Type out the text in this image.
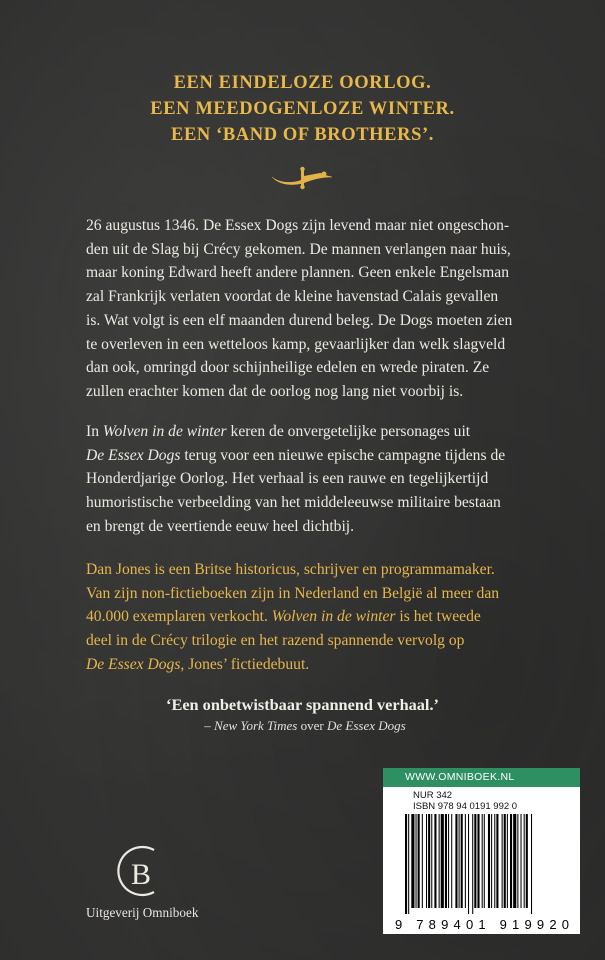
EEN EINDELOZE OORLOG.
EEN MEEDOGENLOZE WINTER.
EEN ‘BAND OF BROTHERS’.
26 augustus 1346. De Essex Dogs zijn levend maar niet ongeschon-
den uit de Slag bij Crécy gekomen. De mannen verlangen naar huis,
maar koning Edward heeft andere plannen. Geen enkele Engelsman
zal Frankrijk verlaten voordat de kleine havenstad Calais gevallen
is. Wat volgt is een elf maanden durend beleg. De Dogs moeten zien
te overleven in een wetteloos kamp, gevaarlijker dan welk slagveld
dan ook, omringd door schijnheilige edelen en wrede piraten. Ze
zullen erachter komen dat de oorlog nog lang niet voorbij is.
In Wolven in de winter keren de onvergetelijke personages uit
De Essex Dogs terug voor een nieuwe epische campagne tijdens de
Honderdjarige Oorlog. Het verhaal is een rauwe en tegelijkertijd
humoristische verbeelding van het middeleeuwse militaire bestaan
en brengt de veertiende eeuw heel dichtbij.
Dan Jones is een Britse historicus, schrijver en programmamaker.
Van zijn non-fictieboeken zijn in Nederland en België al meer dan
40.000 exemplaren verkocht. Wolven in de winter is het tweede
deel in de Crécy trilogie en het razend spannende vervolg op
De Essex Dogs, Jones’ fictiedebuut.
‘Een onbetwistbaar spannend verhaal.’
– New York Times over De Essex Dogs
B
Uitgeverij Omniboek
WWW.OMNIBOEK.NL
NUR 342
ISBN 978 94 0191 992 0
9 789401 919920
